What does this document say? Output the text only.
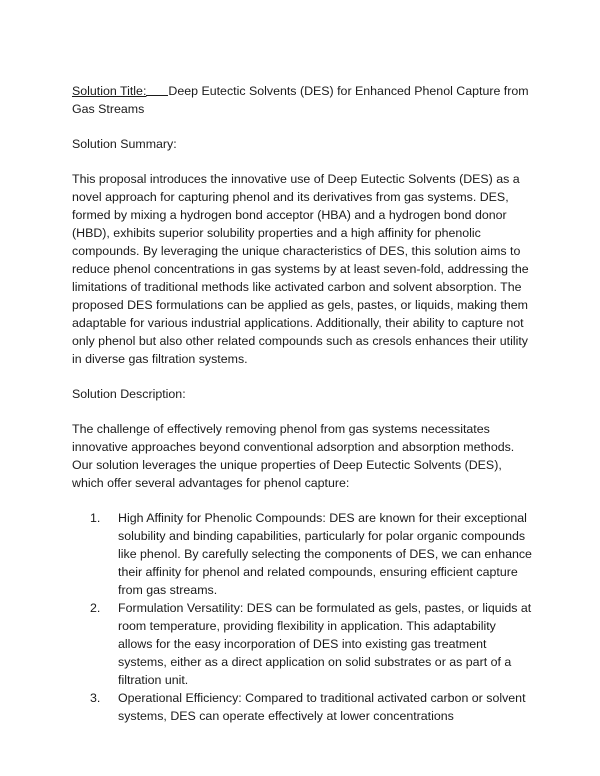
Solution Title: Deep Eutectic Solvents (DES) for Enhanced Phenol Capture from Gas Streams
Solution Summary:

This proposal introduces the innovative use of Deep Eutectic Solvents (DES) as a novel approach for capturing phenol and its derivatives from gas systems. DES, formed by mixing a hydrogen bond acceptor (HBA) and a hydrogen bond donor (HBD), exhibits superior solubility properties and a high affinity for phenolic compounds. By leveraging the unique characteristics of DES, this solution aims to reduce phenol concentrations in gas systems by at least seven-fold, addressing the limitations of traditional methods like activated carbon and solvent absorption. The proposed DES formulations can be applied as gels, pastes, or liquids, making them adaptable for various industrial applications. Additionally, their ability to capture not only phenol but also other related compounds such as cresols enhances their utility in diverse gas filtration systems.

Solution Description:

The challenge of effectively removing phenol from gas systems necessitates innovative approaches beyond conventional adsorption and absorption methods. Our solution leverages the unique properties of Deep Eutectic Solvents (DES), which offer several advantages for phenol capture:

1. High Affinity for Phenolic Compounds: DES are known for their exceptional solubility and binding capabilities, particularly for polar organic compounds like phenol. By carefully selecting the components of DES, we can enhance their affinity for phenol and related compounds, ensuring efficient capture from gas streams.
2. Formulation Versatility: DES can be formulated as gels, pastes, or liquids at room temperature, providing flexibility in application. This adaptability allows for the easy incorporation of DES into existing gas treatment systems, either as a direct application on solid substrates or as part of a filtration unit.
3. Operational Efficiency: Compared to traditional activated carbon or solvent systems, DES can operate effectively at lower concentrations
